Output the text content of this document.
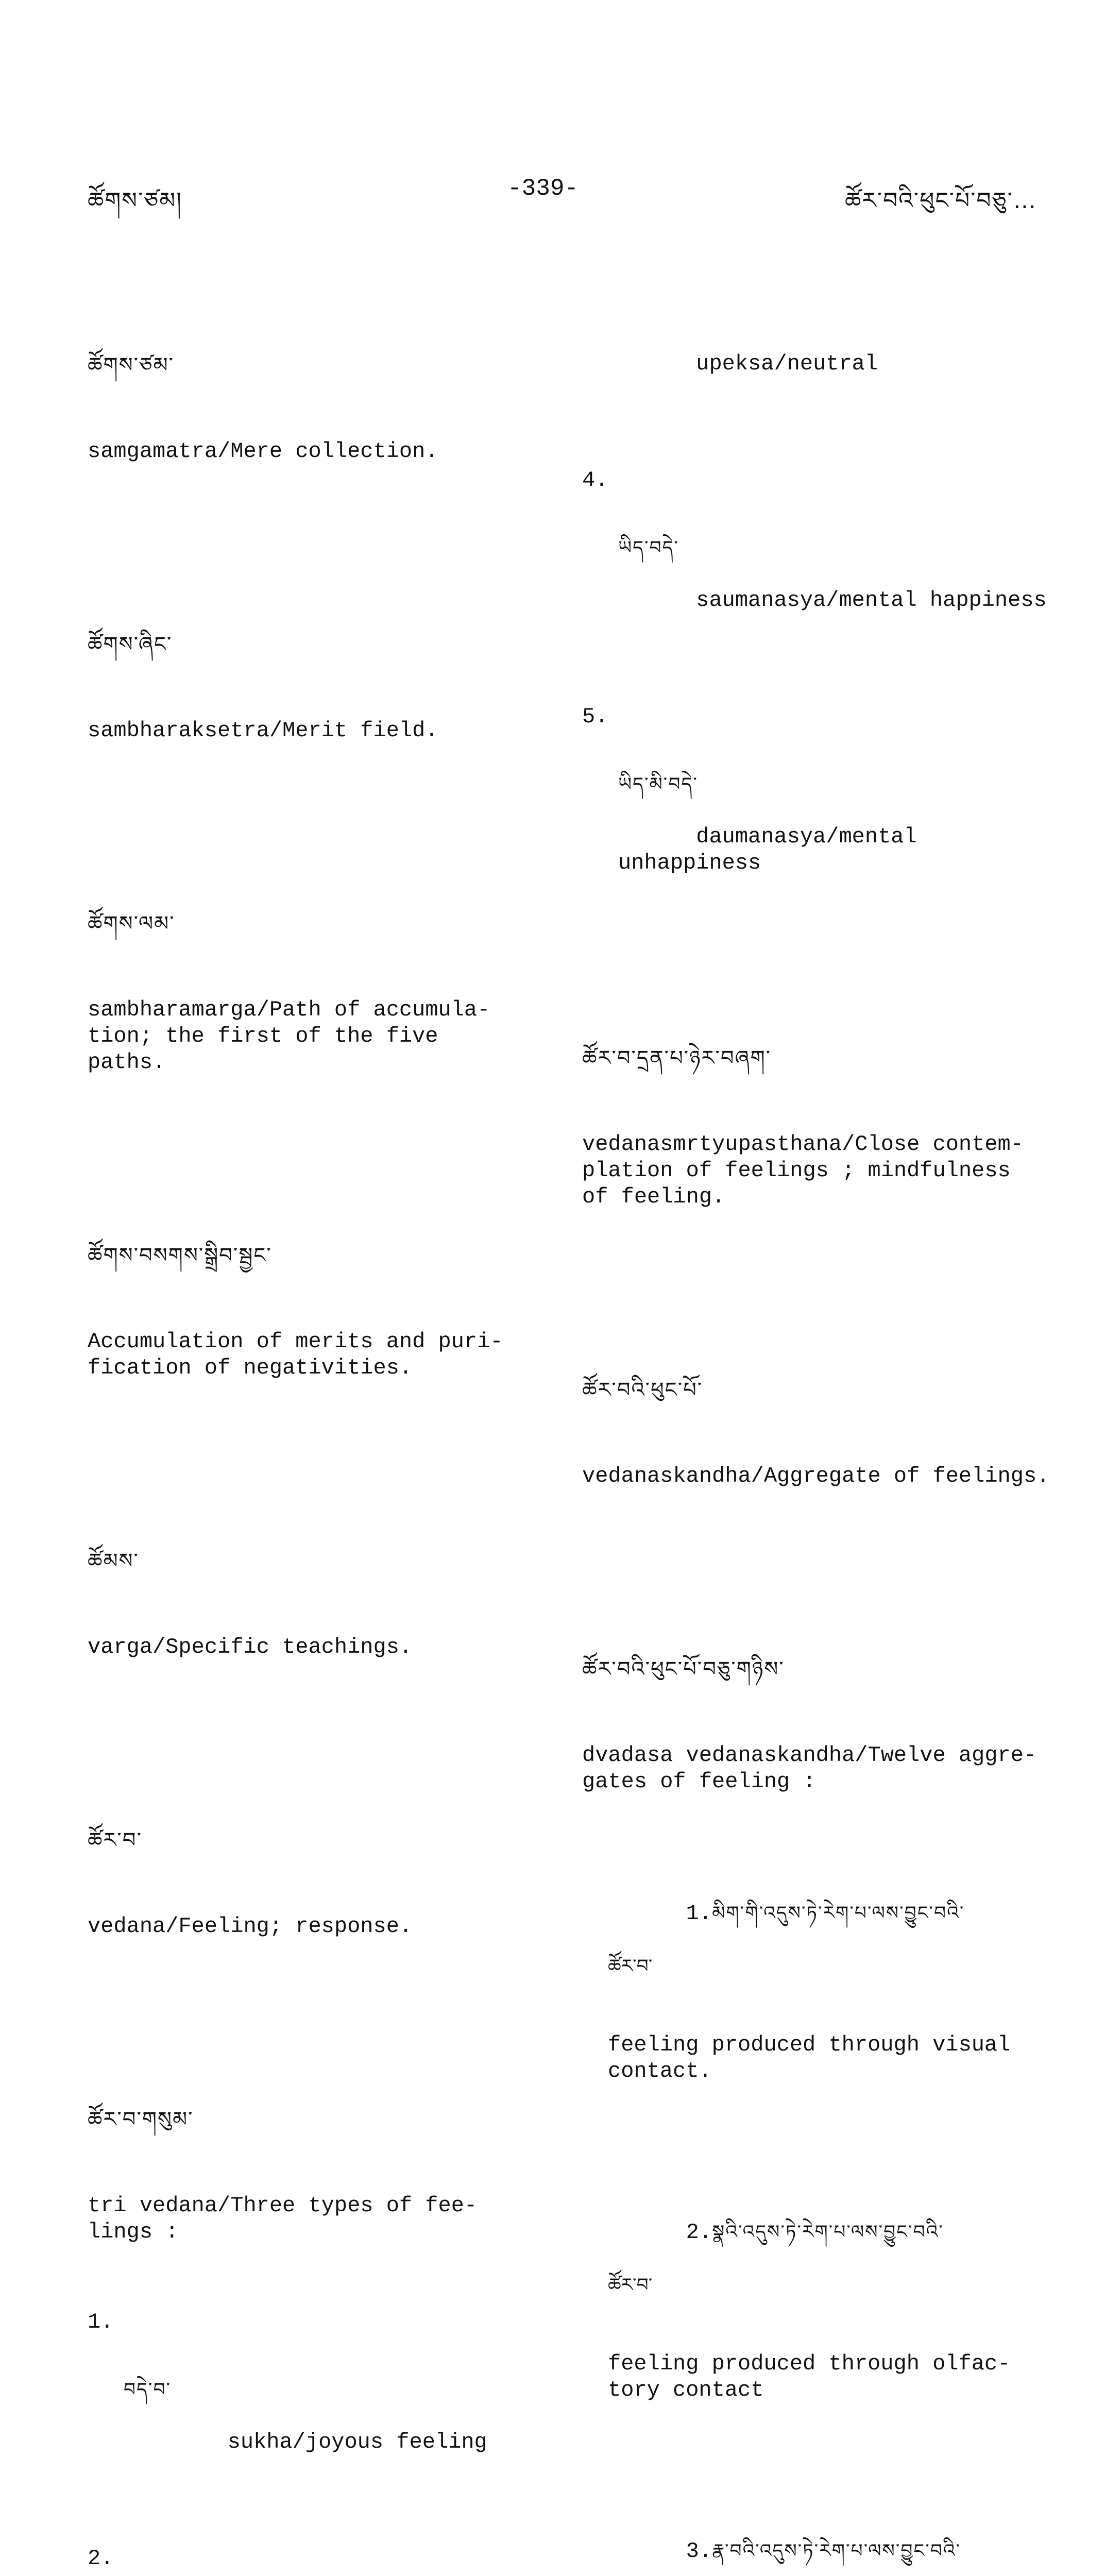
ཚོགས་ཙམ།	-339-	ཚོར་བའི་ཕུང་པོ་བཅུ་…

ཚོགས་ཙམ་

samgamatra/Mere collection.

ཚོགས་ཞིང་

sambharaksetra/Merit field.

ཚོགས་ལམ་

sambharamarga/Path of accumula-
tion; the first of the five
paths.

ཚོགས་བསགས་སྒྲིབ་སྦྱང་

Accumulation of merits and puri-
fication of negativities.

ཚོམས་

varga/Specific teachings.

ཚོར་བ་

vedana/Feeling; response.

ཚོར་བ་གསུམ་

tri vedana/Three types of fee-
lings :

1.

བདེ་བ་

sukha/joyous feeling

2.

upeksa/neutral

4.

ཡིད་བདེ་

saumanasya/mental happiness

5.

ཡིད་མི་བདེ་

daumanasya/mental unhappiness

ཚོར་བ་དྲན་པ་ཉེར་བཞག་

vedanasmrtyupasthana/Close contem-
plation of feelings ; mindfulness
of feeling.

ཚོར་བའི་ཕུང་པོ་

vedanaskandha/Aggregate of feelings.

ཚོར་བའི་ཕུང་པོ་བཅུ་གཉིས་

dvadasa vedanaskandha/Twelve aggre-
gates of feeling :

1.མིག་གི་འདུས་ཏེ་རེག་པ་ལས་བྱུང་བའི་

ཚོར་བ་

feeling produced through visual
contact.

2.སྣའི་འདུས་ཏེ་རེག་པ་ལས་བྱུང་བའི་

ཚོར་བ་

feeling produced through olfac-
tory contact

3.རྣ་བའི་འདུས་ཏེ་རེག་པ་ལས་བྱུང་བའི་
